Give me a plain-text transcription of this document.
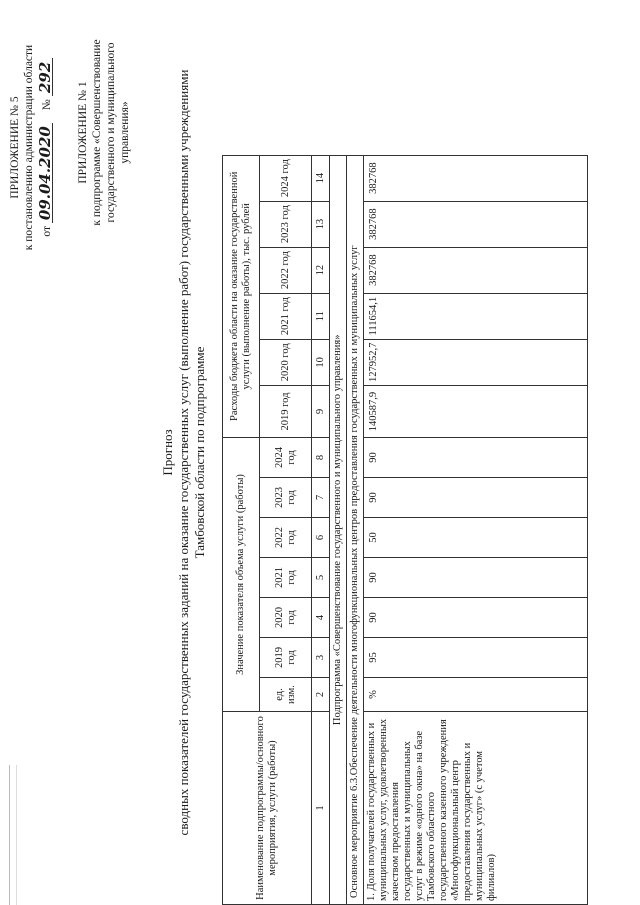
ПРИЛОЖЕНИЕ № 5 к постановлению администрации области от 09.04.2020 № 292
ПРИЛОЖЕНИЕ № 1 к подпрограмме «Совершенствование государственного и муниципального управления»
Прогноз сводных показателей государственных заданий на оказание государственных услуг (выполнение работ) государственными учреждениями Тамбовской области по подпрограмме
Наименование подпрограммы/основного мероприятия, услуги (работы)	Значение показателя объема услуги (работы)							Расходы бюджета области на оказание государственной услуги (выполнение работы), тыс. рублей					
	ед. изм.	2019 год	2020 год	2021 год	2022 год	2023 год	2024 год	2019 год	2020 год	2021 год	2022 год	2023 год	2024 год
1	2	3	4	5	6	7	8	9	10	11	12	13	14
Подпрограмма «Совершенствование государственного и муниципального управления»													
Основное мероприятие 6.3.Обеспечение деятельности многофункциональных центров предоставления государственных и муниципальных услуг													
1. Доля получателей государственных и муниципальных услуг, удовлетворенных качеством предоставления государственных и муниципальных услуг в режиме «одного окна» на базе Тамбовского областного государственного казенного учреждения «Многофункциональный центр предоставления государственных и муниципальных услуг» (с учетом филиалов)	%	95	90	90	50	90	90	140587,9	127952,7	111654,1	382768	382768	382768
